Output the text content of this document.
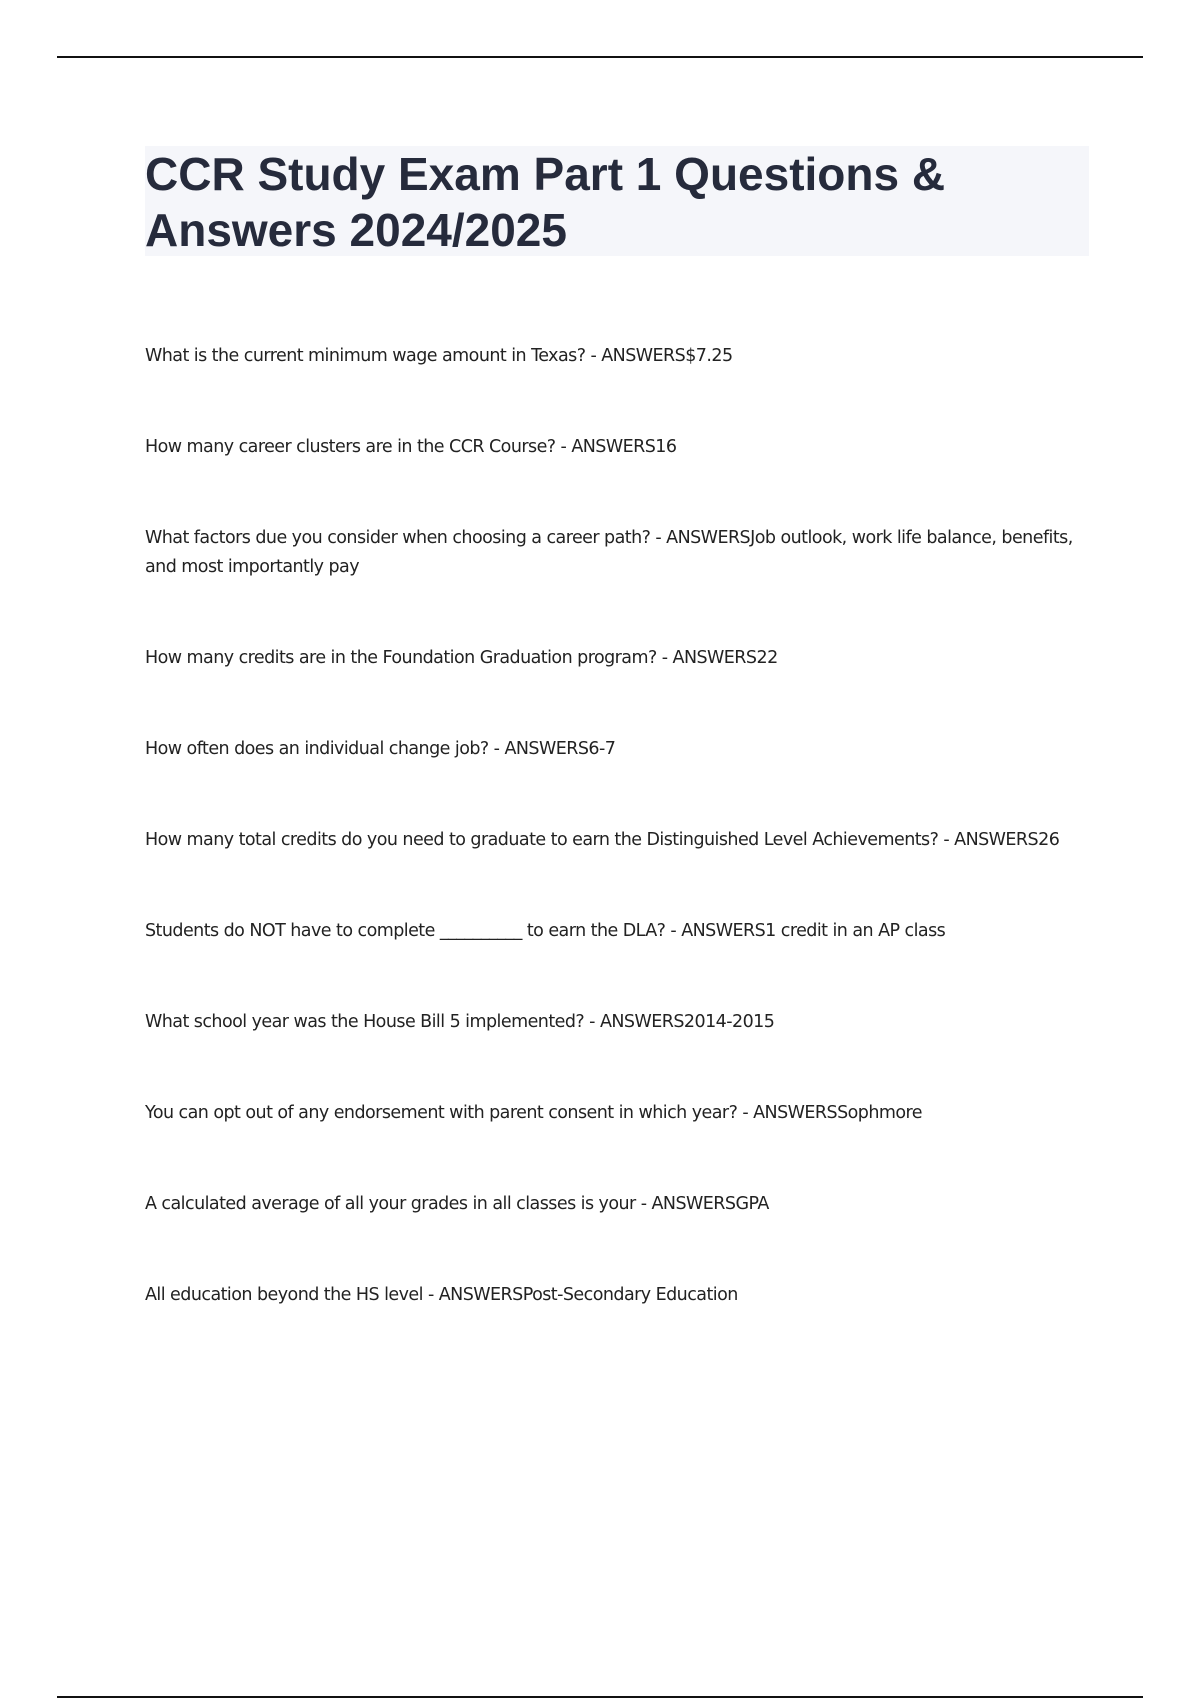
CCR Study Exam Part 1 Questions & Answers 2024/2025
What is the current minimum wage amount in Texas? - ANSWERS$7.25
How many career clusters are in the CCR Course? - ANSWERS16
What factors due you consider when choosing a career path? - ANSWERSJob outlook, work life balance, benefits, and most importantly pay
How many credits are in the Foundation Graduation program? - ANSWERS22
How often does an individual change job? - ANSWERS6-7
How many total credits do you need to graduate to earn the Distinguished Level Achievements? - ANSWERS26
Students do NOT have to complete __________ to earn the DLA? - ANSWERS1 credit in an AP class
What school year was the House Bill 5 implemented? - ANSWERS2014-2015
You can opt out of any endorsement with parent consent in which year? - ANSWERSSophmore
A calculated average of all your grades in all classes is your - ANSWERSGPA
All education beyond the HS level - ANSWERSPost-Secondary Education
